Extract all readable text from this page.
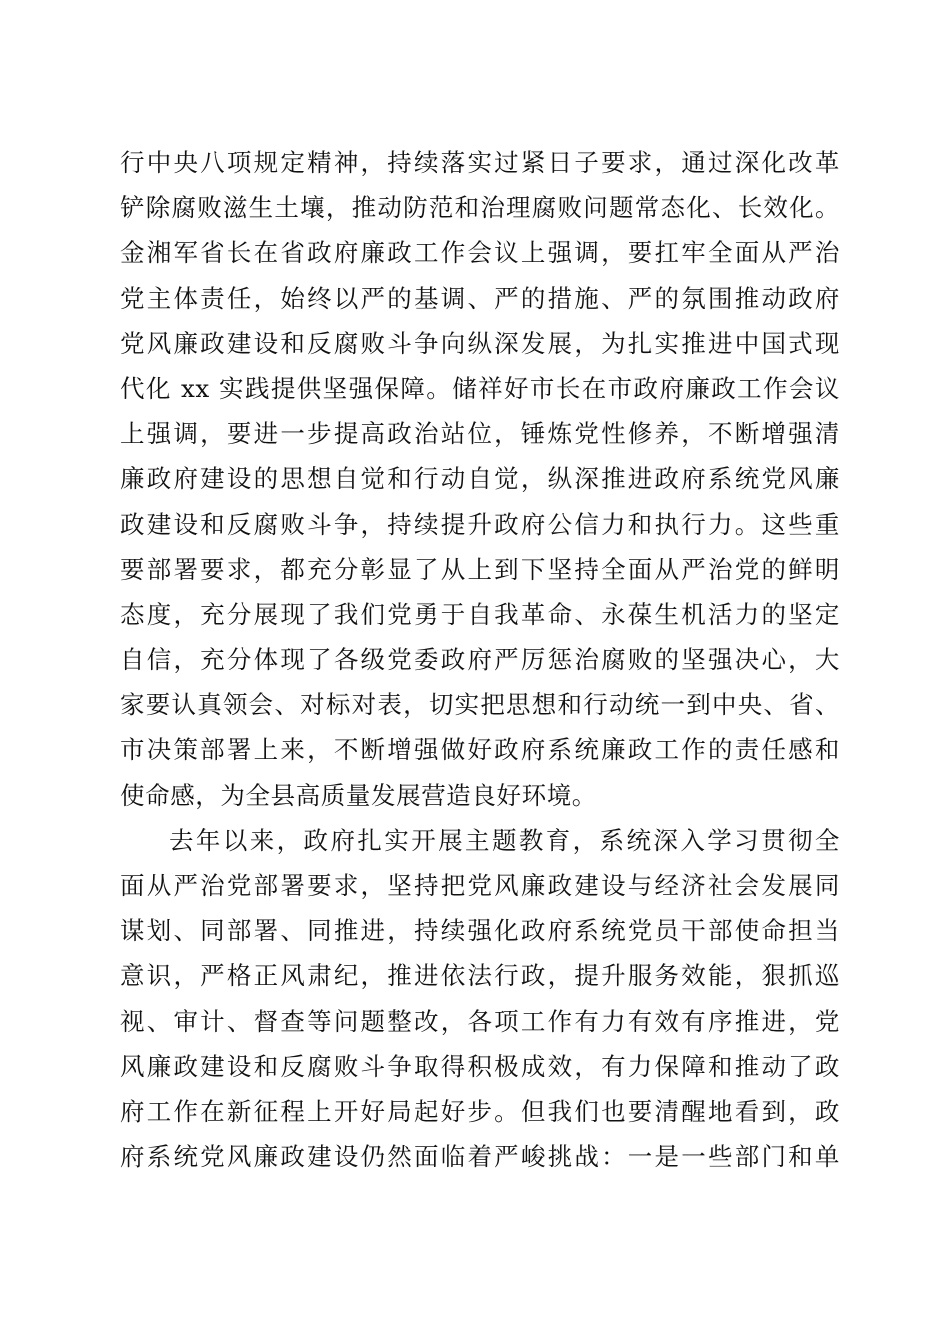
行中央八项规定精神，持续落实过紧日子要求，通过深化改革
铲除腐败滋生土壤，推动防范和治理腐败问题常态化、长效化。
金湘军省长在省政府廉政工作会议上强调，要扛牢全面从严治
党主体责任，始终以严的基调、严的措施、严的氛围推动政府
党风廉政建设和反腐败斗争向纵深发展，为扎实推进中国式现
代化 xx 实践提供坚强保障。储祥好市长在市政府廉政工作会议
上强调，要进一步提高政治站位，锤炼党性修养，不断增强清
廉政府建设的思想自觉和行动自觉，纵深推进政府系统党风廉
政建设和反腐败斗争，持续提升政府公信力和执行力。这些重
要部署要求，都充分彰显了从上到下坚持全面从严治党的鲜明
态度，充分展现了我们党勇于自我革命、永葆生机活力的坚定
自信，充分体现了各级党委政府严厉惩治腐败的坚强决心，大
家要认真领会、对标对表，切实把思想和行动统一到中央、省、
市决策部署上来，不断增强做好政府系统廉政工作的责任感和
使命感，为全县高质量发展营造良好环境。
去年以来，政府扎实开展主题教育，系统深入学习贯彻全
面从严治党部署要求，坚持把党风廉政建设与经济社会发展同
谋划、同部署、同推进，持续强化政府系统党员干部使命担当
意识，严格正风肃纪，推进依法行政，提升服务效能，狠抓巡
视、审计、督查等问题整改，各项工作有力有效有序推进，党
风廉政建设和反腐败斗争取得积极成效，有力保障和推动了政
府工作在新征程上开好局起好步。但我们也要清醒地看到，政
府系统党风廉政建设仍然面临着严峻挑战：一是一些部门和单
